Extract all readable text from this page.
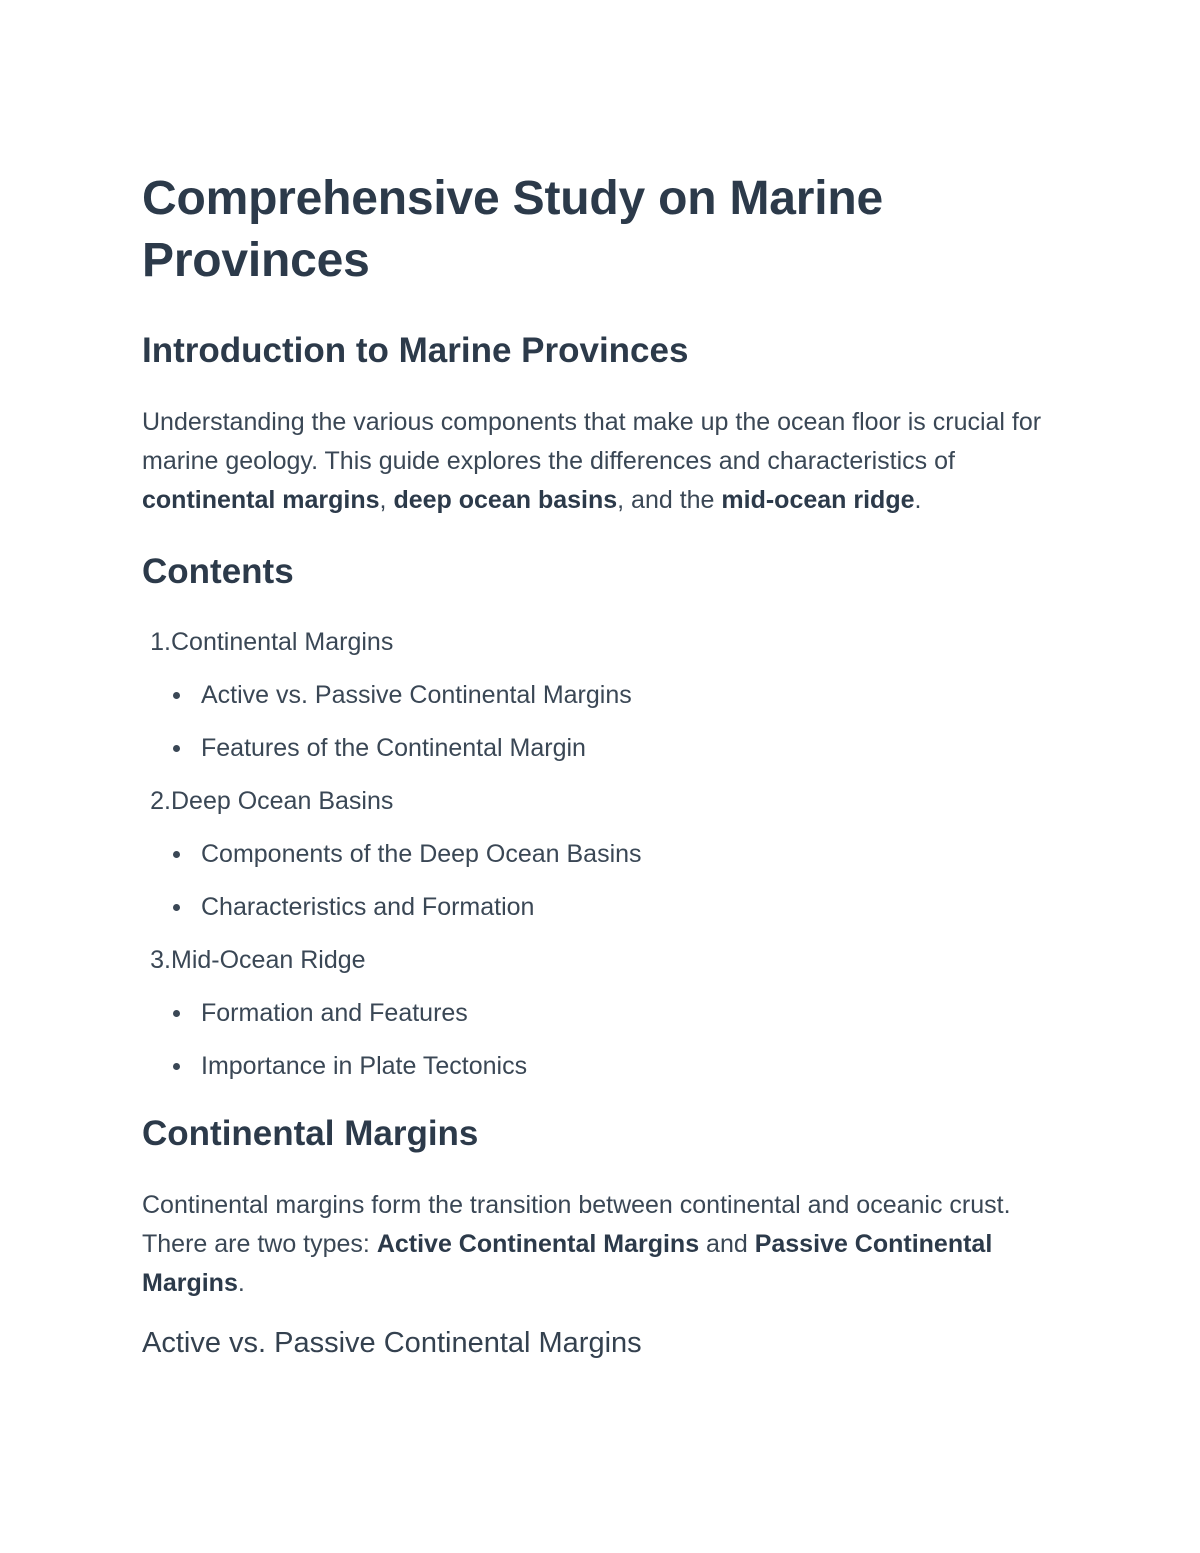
Comprehensive Study on Marine Provinces
Introduction to Marine Provinces

Understanding the various components that make up the ocean floor is crucial for marine geology. This guide explores the differences and characteristics of continental margins, deep ocean basins, and the mid-ocean ridge.

Contents
1. Continental Margins
Active vs. Passive Continental Margins
Features of the Continental Margin
2. Deep Ocean Basins
Components of the Deep Ocean Basins
Characteristics and Formation
3. Mid-Ocean Ridge
Formation and Features
Importance in Plate Tectonics
Continental Margins

Continental margins form the transition between continental and oceanic crust. There are two types: Active Continental Margins and Passive Continental Margins.

Active vs. Passive Continental Margins
